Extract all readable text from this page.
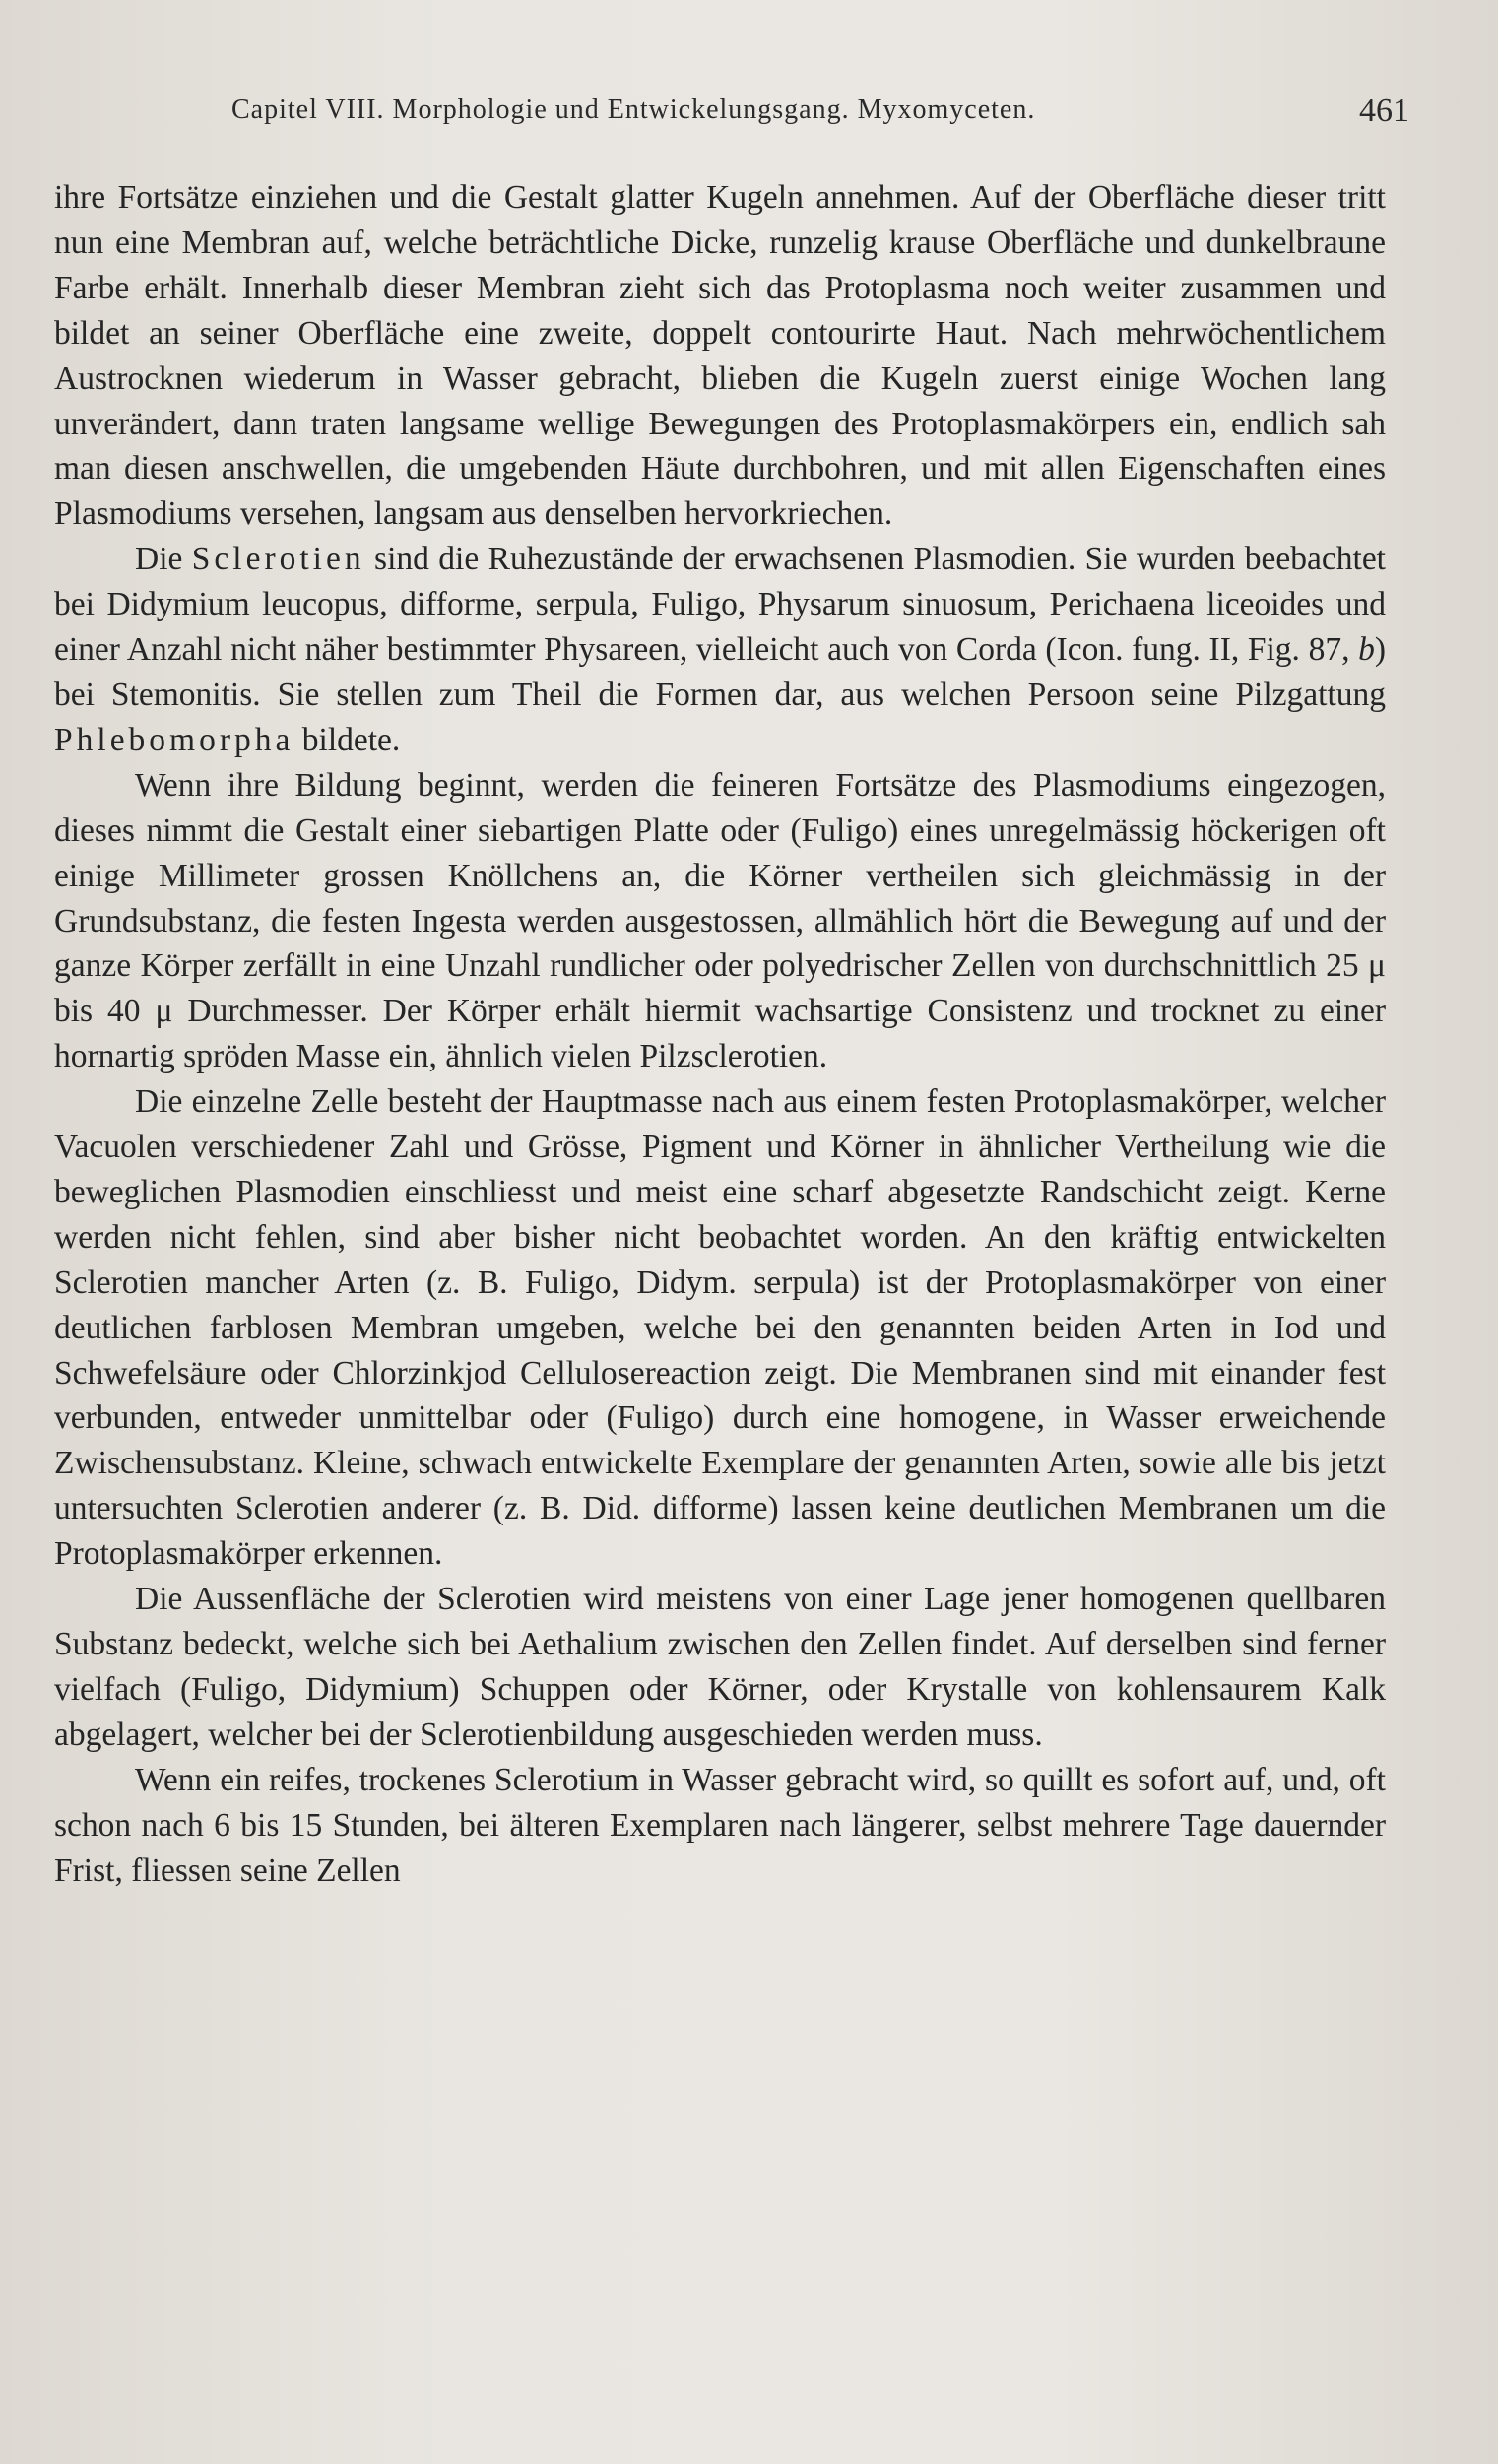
Capitel VIII. Morphologie und Entwickelungsgang. Myxomyceten.	461

ihre Fortsätze einziehen und die Gestalt glatter Kugeln annehmen. Auf der Oberfläche dieser tritt nun eine Membran auf, welche beträchtliche Dicke, runzelig krause Oberfläche und dunkelbraune Farbe erhält. Innerhalb dieser Membran zieht sich das Protoplasma noch weiter zusammen und bildet an seiner Oberfläche eine zweite, doppelt contourirte Haut. Nach mehrwöchentlichem Austrocknen wiederum in Wasser gebracht, blieben die Kugeln zuerst einige Wochen lang unverändert, dann traten langsame wellige Bewegungen des Protoplasmakörpers ein, endlich sah man diesen anschwellen, die umgebenden Häute durchbohren, und mit allen Eigenschaften eines Plasmodiums versehen, langsam aus denselben hervorkriechen.

Die Sclerotien sind die Ruhezustände der erwachsenen Plasmodien. Sie wurden beebachtet bei Didymium leucopus, difforme, serpula, Fuligo, Physarum sinuosum, Perichaena liceoides und einer Anzahl nicht näher bestimmter Physareen, vielleicht auch von Corda (Icon. fung. II, Fig. 87, b) bei Stemonitis. Sie stellen zum Theil die Formen dar, aus welchen Persoon seine Pilzgattung Phlebomorpha bildete.

Wenn ihre Bildung beginnt, werden die feineren Fortsätze des Plasmodiums eingezogen, dieses nimmt die Gestalt einer siebartigen Platte oder (Fuligo) eines unregelmässig höckerigen oft einige Millimeter grossen Knöllchens an, die Körner vertheilen sich gleichmässig in der Grundsubstanz, die festen Ingesta werden ausgestossen, allmählich hört die Bewegung auf und der ganze Körper zerfällt in eine Unzahl rundlicher oder polyedrischer Zellen von durchschnittlich 25 μ bis 40 μ Durchmesser. Der Körper erhält hiermit wachsartige Consistenz und trocknet zu einer hornartig spröden Masse ein, ähnlich vielen Pilzsclerotien.

Die einzelne Zelle besteht der Hauptmasse nach aus einem festen Protoplasmakörper, welcher Vacuolen verschiedener Zahl und Grösse, Pigment und Körner in ähnlicher Vertheilung wie die beweglichen Plasmodien einschliesst und meist eine scharf abgesetzte Randschicht zeigt. Kerne werden nicht fehlen, sind aber bisher nicht beobachtet worden. An den kräftig entwickelten Sclerotien mancher Arten (z. B. Fuligo, Didym. serpula) ist der Protoplasmakörper von einer deutlichen farblosen Membran umgeben, welche bei den genannten beiden Arten in Iod und Schwefelsäure oder Chlorzinkjod Cellulosereaction zeigt. Die Membranen sind mit einander fest verbunden, entweder unmittelbar oder (Fuligo) durch eine homogene, in Wasser erweichende Zwischensubstanz. Kleine, schwach entwickelte Exemplare der genannten Arten, sowie alle bis jetzt untersuchten Sclerotien anderer (z. B. Did. difforme) lassen keine deutlichen Membranen um die Protoplasmakörper erkennen.

Die Aussenfläche der Sclerotien wird meistens von einer Lage jener homogenen quellbaren Substanz bedeckt, welche sich bei Aethalium zwischen den Zellen findet. Auf derselben sind ferner vielfach (Fuligo, Didymium) Schuppen oder Körner, oder Krystalle von kohlensaurem Kalk abgelagert, welcher bei der Sclerotienbildung ausgeschieden werden muss.

Wenn ein reifes, trockenes Sclerotium in Wasser gebracht wird, so quillt es sofort auf, und, oft schon nach 6 bis 15 Stunden, bei älteren Exemplaren nach längerer, selbst mehrere Tage dauernder Frist, fliessen seine Zellen
